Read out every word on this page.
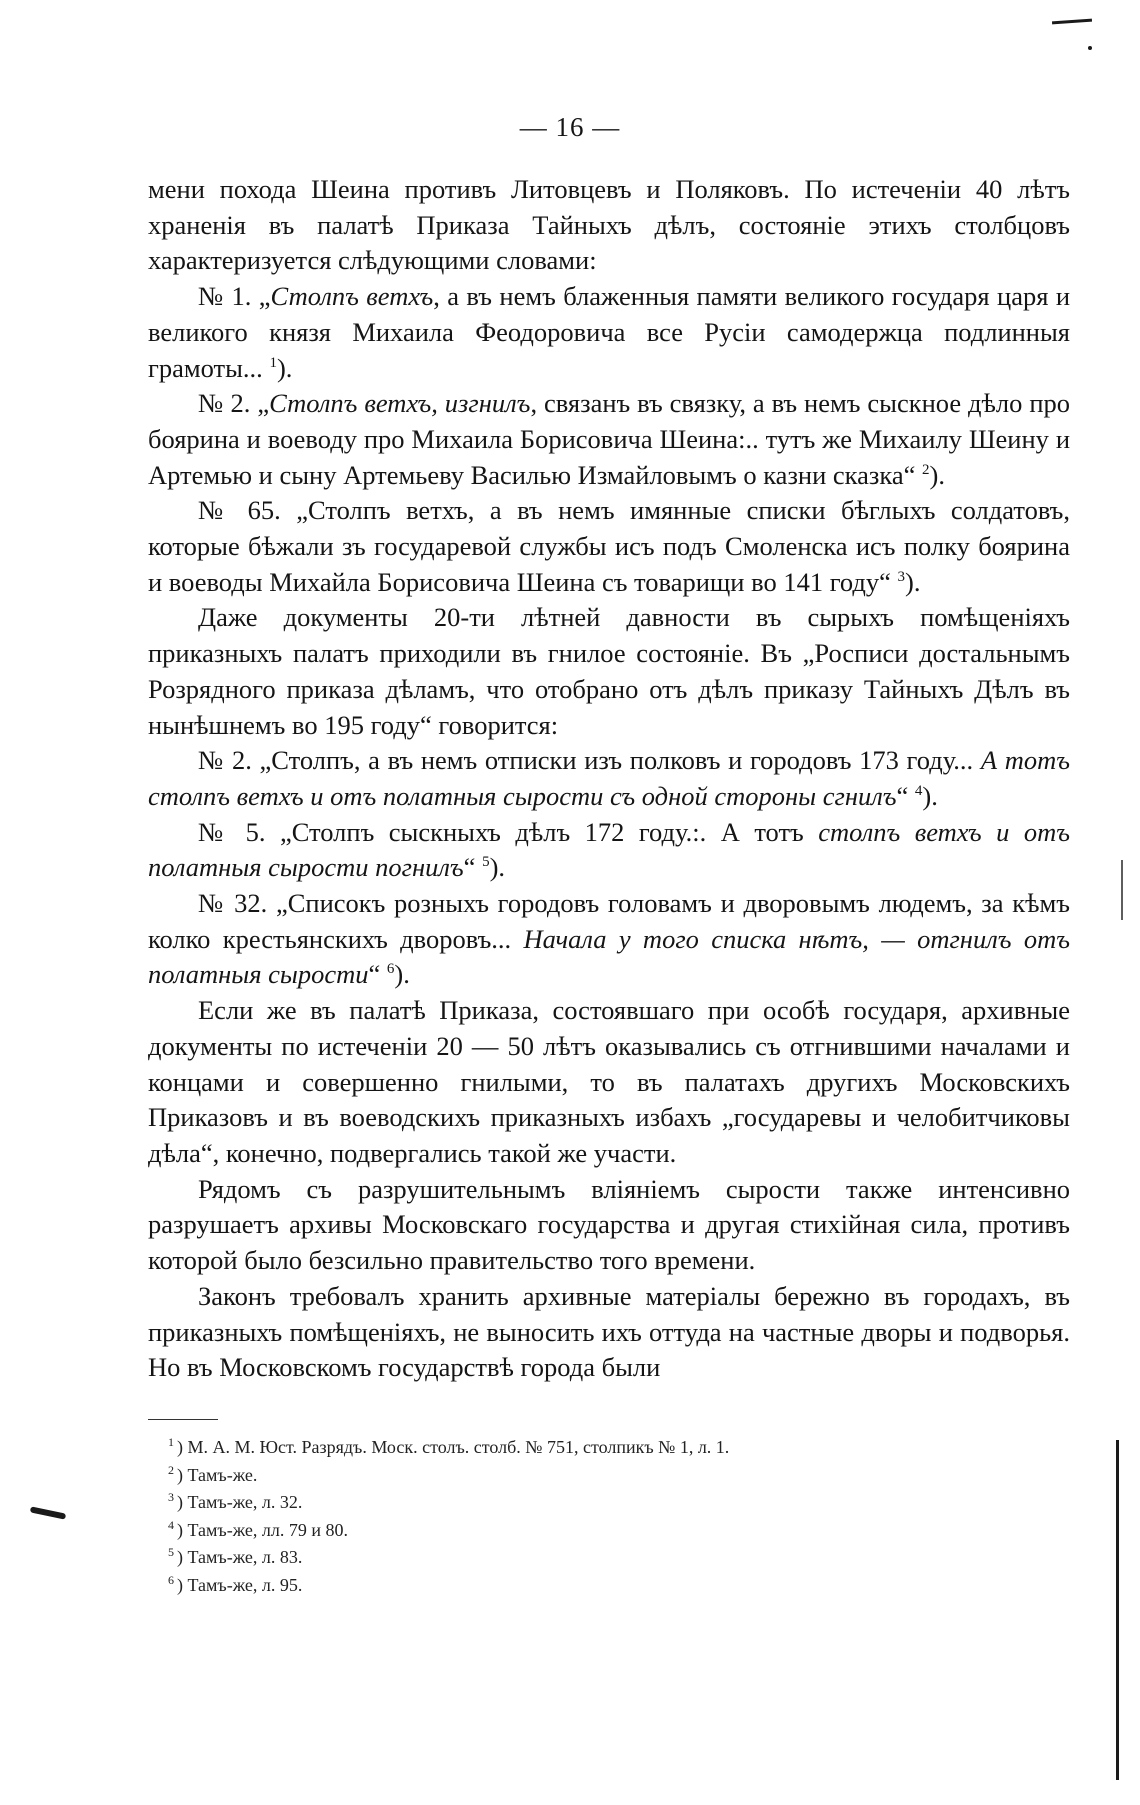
— 16 —

мени похода Шеина противъ Литовцевъ и Поляковъ. По истеченіи 40 лѣтъ храненія въ палатѣ Приказа Тайныхъ дѣлъ, состояніе этихъ столбцовъ характеризуется слѣдующими словами:

№ 1. „Столпъ ветхъ, а въ немъ блаженныя памяти великого государя царя и великого князя Михаила Феодоровича все Русіи самодержца подлинныя грамоты... $^1$).

№ 2. „Столпъ ветхъ, изгнилъ, связанъ въ связку, а въ немъ сыскное дѣло про боярина и воеводу про Михаила Борисовича Шеина:.. тутъ же Михаилу Шеину и Артемью и сыну Артемьеву Василью Измайловымъ о казни сказка“ $^2$).

№ 65. „Столпъ ветхъ, а въ немъ имянные списки бѣглыхъ солдатовъ, которые бѣжали зъ государевой службы исъ подъ Смоленска исъ полку боярина и воеводы Михайла Борисовича Шеина съ товарищи во 141 году“ $^3$).

Даже документы 20-ти лѣтней давности въ сырыхъ помѣщеніяхъ приказныхъ палатъ приходили въ гнилое состояніе. Въ „Росписи достальнымъ Розрядного приказа дѣламъ, что отобрано отъ дѣлъ приказу Тайныхъ Дѣлъ въ нынѣшнемъ во 195 году“ говорится:

№ 2. „Столпъ, а въ немъ отписки изъ полковъ и городовъ 173 году... А тотъ столпъ ветхъ и отъ полатныя сырости съ одной стороны сгнилъ“ $^4$).

№ 5. „Столпъ сыскныхъ дѣлъ 172 году.:. А тотъ столпъ ветхъ и отъ полатныя сырости погнилъ“ $^5$).

№ 32. „Списокъ розныхъ городовъ головамъ и дворовымъ людемъ, за кѣмъ колко крестьянскихъ дворовъ... Начала у того списка нѣтъ, — отгнилъ отъ полатныя сырости“ $^6$).

Если же въ палатѣ Приказа, состоявшаго при особѣ государя, архивные документы по истеченіи 20 — 50 лѣтъ оказывались съ отгнившими началами и концами и совершенно гнилыми, то въ палатахъ другихъ Московскихъ Приказовъ и въ воеводскихъ приказныхъ избахъ „государевы и челобитчиковы дѣла“, конечно, подвергались такой же участи.

Рядомъ съ разрушительнымъ вліяніемъ сырости также интенсивно разрушаетъ архивы Московскаго государства и другая стихійная сила, противъ которой было безсильно правительство того времени.

Законъ требовалъ хранить архивные матеріалы бережно въ городахъ, въ приказныхъ помѣщеніяхъ, не выносить ихъ оттуда на частные дворы и подворья. Но въ Московскомъ государствѣ города были

$^1$ ) М. А. М. Юст. Разрядъ. Моск. столъ. столб. № 751, столпикъ № 1, л. 1.

$^2$ ) Тамъ-же.

$^3$ ) Тамъ-же, л. 32.

$^4$ ) Тамъ-же, лл. 79 и 80.

$^5$ ) Тамъ-же, л. 83.

$^6$ ) Тамъ-же, л. 95.
